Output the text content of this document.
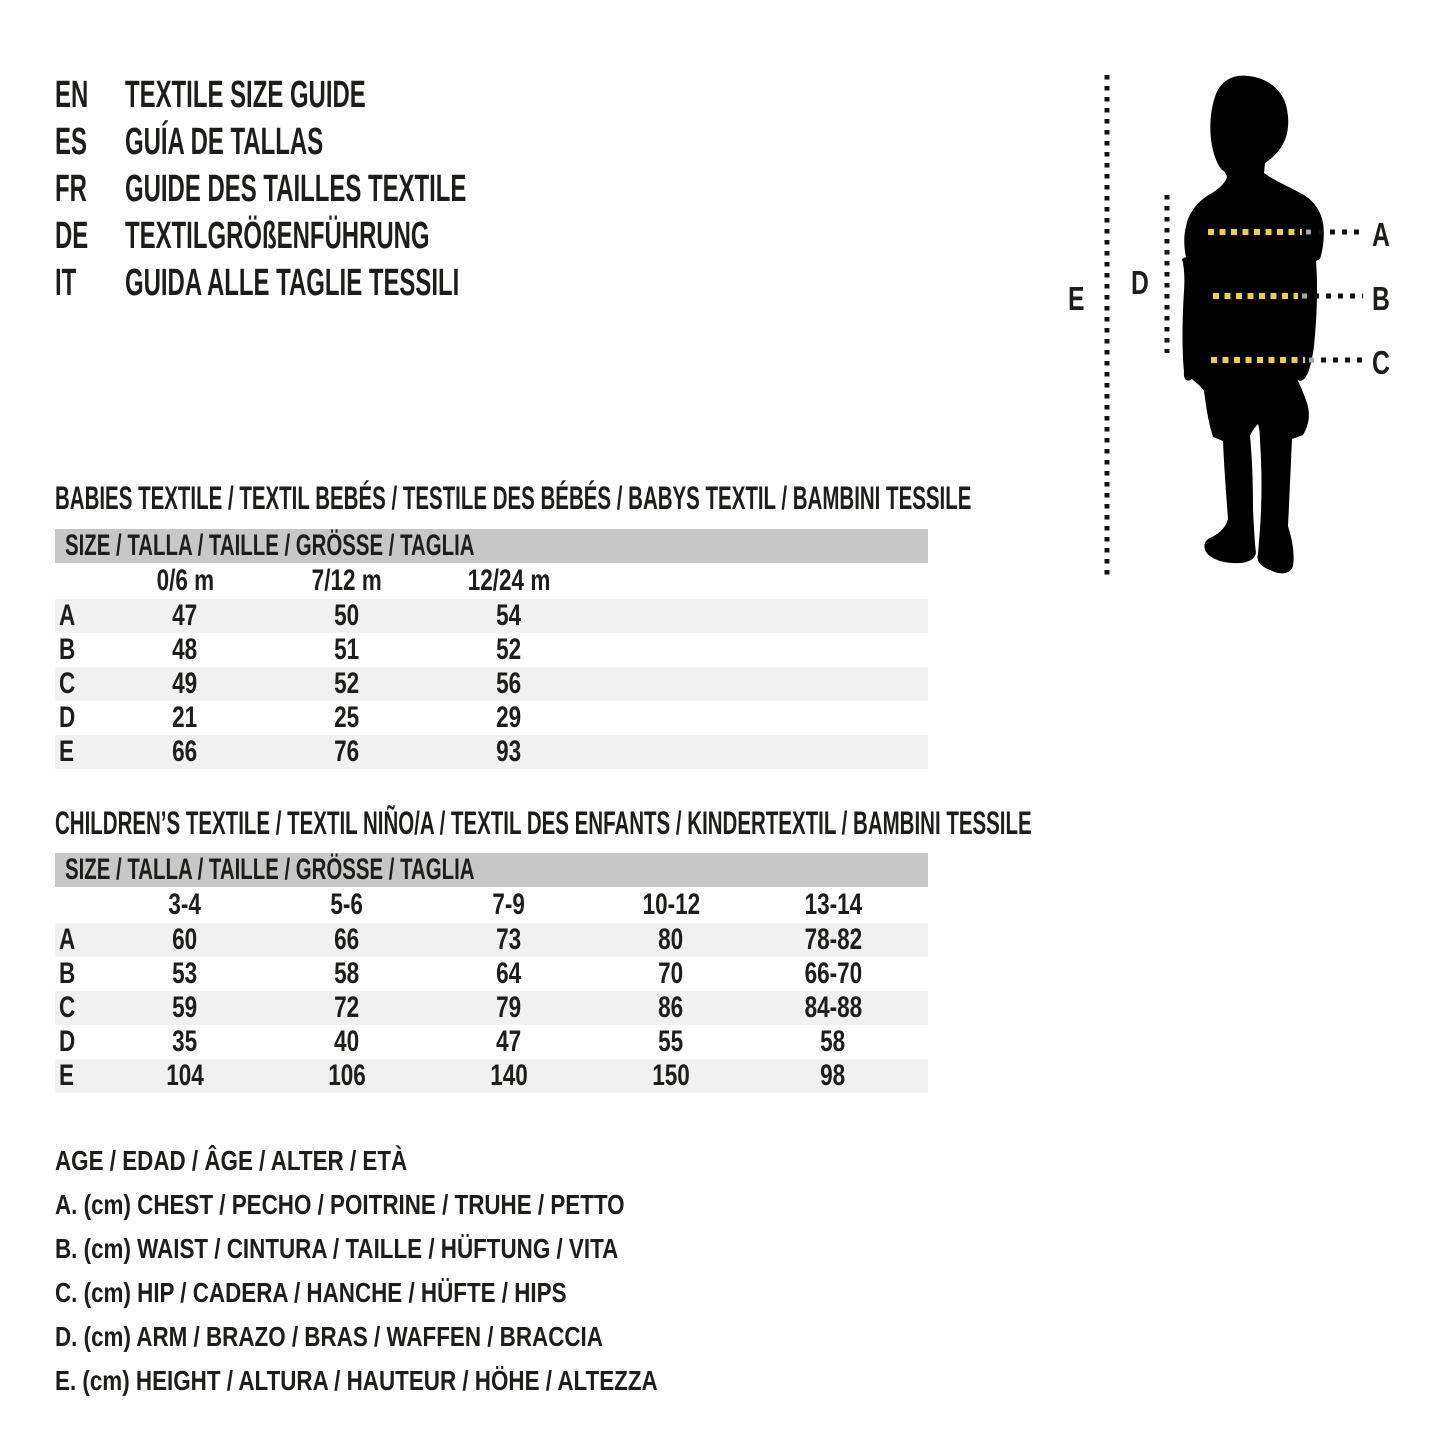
EN TEXTILE SIZE GUIDE
ES	GUÍA DE TALLAS
FR	GUIDE DES TAILLES TEXTILE
DE TEXTILGRÖßENFÜHRUNG
IT	GUIDA ALLE TAGLIE TESSILI
A
B
C
D
E
BABIES TEXTILE / TEXTIL BEBÉS / TESTILE DES BÉBÉS / BABYS TEXTIL / BAMBINI TESSILE
SIZE / TALLA / TAILLE / GRÖSSE / TAGLIA
0/6 m	7/12 m	12/24 m
A	47	50	54
B	48	51	52
C	49	52	56
D	21	25	29
E	66	76	93
CHILDREN’S TEXTILE / TEXTIL NIÑO/A / TEXTIL DES ENFANTS / KINDERTEXTIL / BAMBINI TESSILE
SIZE / TALLA / TAILLE / GRÖSSE / TAGLIA
3-4	5-6	7-9	10-12	13-14
A	60	66	73	80	78-82
B	53	58	64	70	66-70
C	59	72	79	86	84-88
D	35	40	47	55	58
E	104	106	140	150	98
AGE / EDAD / ÂGE / ALTER / ETÀ
A. (cm) CHEST / PECHO / POITRINE / TRUHE / PETTO
B. (cm) WAIST / CINTURA / TAILLE / HÜFTUNG / VITA
C. (cm) HIP / CADERA / HANCHE / HÜFTE / HIPS
D. (cm) ARM / BRAZO / BRAS / WAFFEN / BRACCIA
E. (cm) HEIGHT / ALTURA / HAUTEUR / HÖHE / ALTEZZA
